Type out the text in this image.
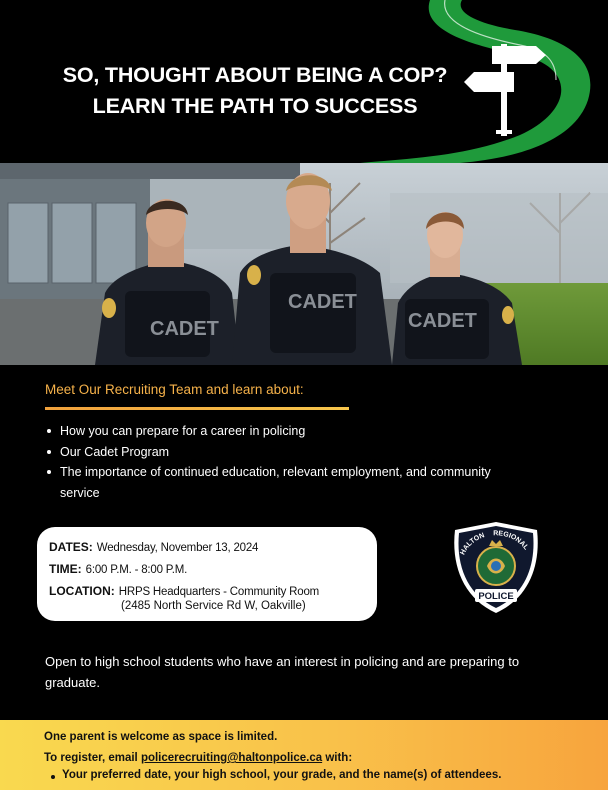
SO, THOUGHT ABOUT BEING A COP?
LEARN THE PATH TO SUCCESS
CADET
CADET
CADET
Meet Our Recruiting Team and learn about:
How you can prepare for a career in policing
Our Cadet Program
The importance of continued education, relevant employment, and community service
DATES: Wednesday, November 13, 2024
TIME: 6:00 P.M. - 8:00 P.M.
LOCATION: HRPS Headquarters - Community Room
(2485 North Service Rd W, Oakville)
HALTON REGIONAL
POLICE
Open to high school students who have an interest in policing and are preparing to graduate.
One parent is welcome as space is limited.
To register, email policerecruiting@haltonpolice.ca with:
Your preferred date, your high school, your grade, and the name(s) of attendees.
